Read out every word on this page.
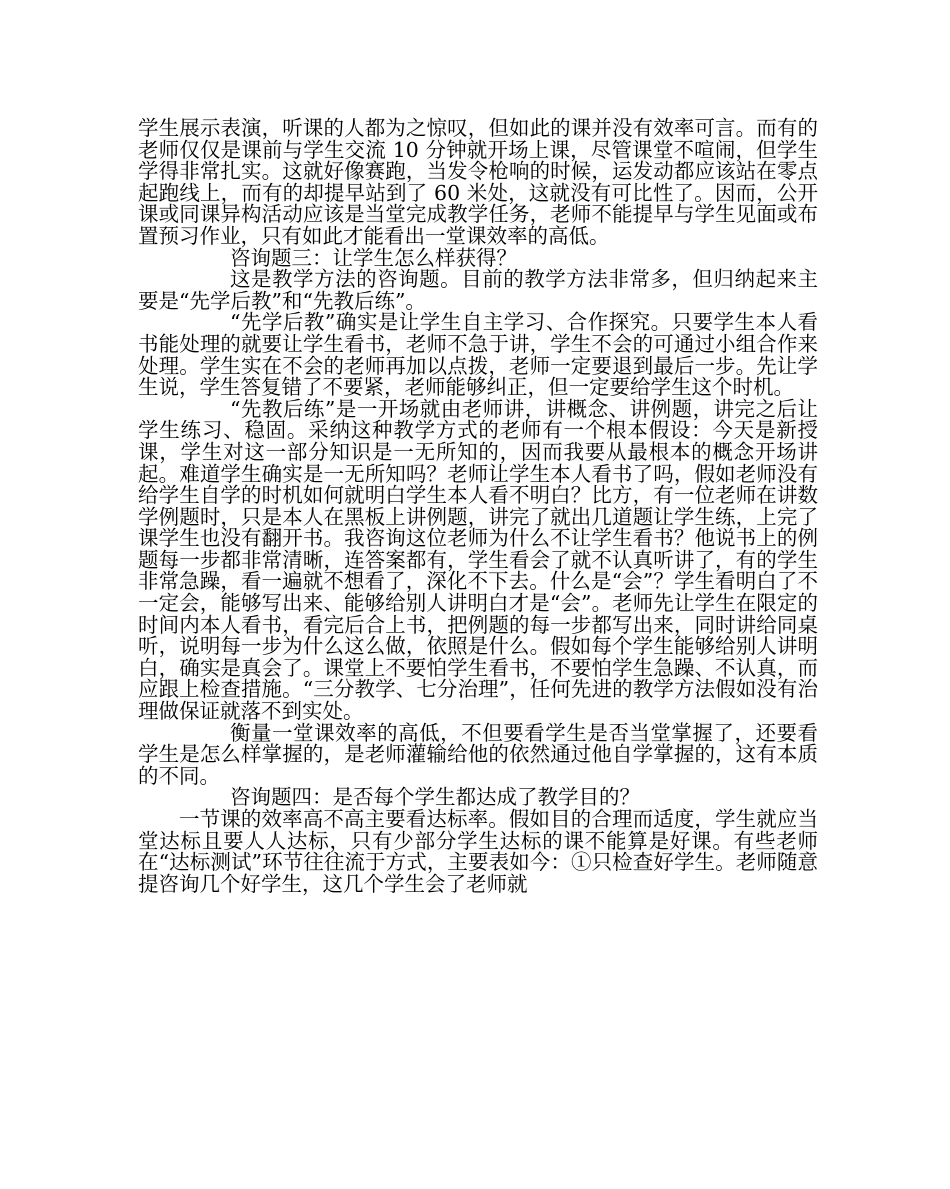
学生展示表演，听课的人都为之惊叹，但如此的课并没有效率可言。而有的老师仅仅是课前与学生交流 10 分钟就开场上课，尽管课堂不喧闹，但学生学得非常扎实。这就好像赛跑，当发令枪响的时候，运发动都应该站在零点起跑线上，而有的却提早站到了 60 米处，这就没有可比性了。因而，公开课或同课异构活动应该是当堂完成教学任务，老师不能提早与学生见面或布置预习作业，只有如此才能看出一堂课效率的高低。

咨询题三：让学生怎么样获得？

这是教学方法的咨询题。目前的教学方法非常多，但归纳起来主要是“先学后教”和“先教后练”。

“先学后教”确实是让学生自主学习、合作探究。只要学生本人看书能处理的就要让学生看书，老师不急于讲，学生不会的可通过小组合作来处理。学生实在不会的老师再加以点拨，老师一定要退到最后一步。先让学生说，学生答复错了不要紧，老师能够纠正，但一定要给学生这个时机。

“先教后练”是一开场就由老师讲，讲概念、讲例题，讲完之后让学生练习、稳固。采纳这种教学方式的老师有一个根本假设：今天是新授课，学生对这一部分知识是一无所知的，因而我要从最根本的概念开场讲起。难道学生确实是一无所知吗？老师让学生本人看书了吗，假如老师没有给学生自学的时机如何就明白学生本人看不明白？比方，有一位老师在讲数学例题时，只是本人在黑板上讲例题，讲完了就出几道题让学生练，上完了课学生也没有翻开书。我咨询这位老师为什么不让学生看书？他说书上的例题每一步都非常清晰，连答案都有，学生看会了就不认真听讲了，有的学生非常急躁，看一遍就不想看了，深化不下去。什么是“会”？学生看明白了不一定会，能够写出来、能够给别人讲明白才是“会”。老师先让学生在限定的时间内本人看书，看完后合上书，把例题的每一步都写出来，同时讲给同桌听，说明每一步为什么这么做，依照是什么。假如每个学生能够给别人讲明白，确实是真会了。课堂上不要怕学生看书，不要怕学生急躁、不认真，而应跟上检查措施。“三分教学、七分治理”，任何先进的教学方法假如没有治理做保证就落不到实处。

衡量一堂课效率的高低，不但要看学生是否当堂掌握了，还要看学生是怎么样掌握的，是老师灌输给他的依然通过他自学掌握的，这有本质的不同。

咨询题四：是否每个学生都达成了教学目的？

一节课的效率高不高主要看达标率。假如目的合理而适度，学生就应当堂达标且要人人达标，只有少部分学生达标的课不能算是好课。有些老师在“达标测试”环节往往流于方式，主要表如今：①只检查好学生。老师随意提咨询几个好学生，这几个学生会了老师就
